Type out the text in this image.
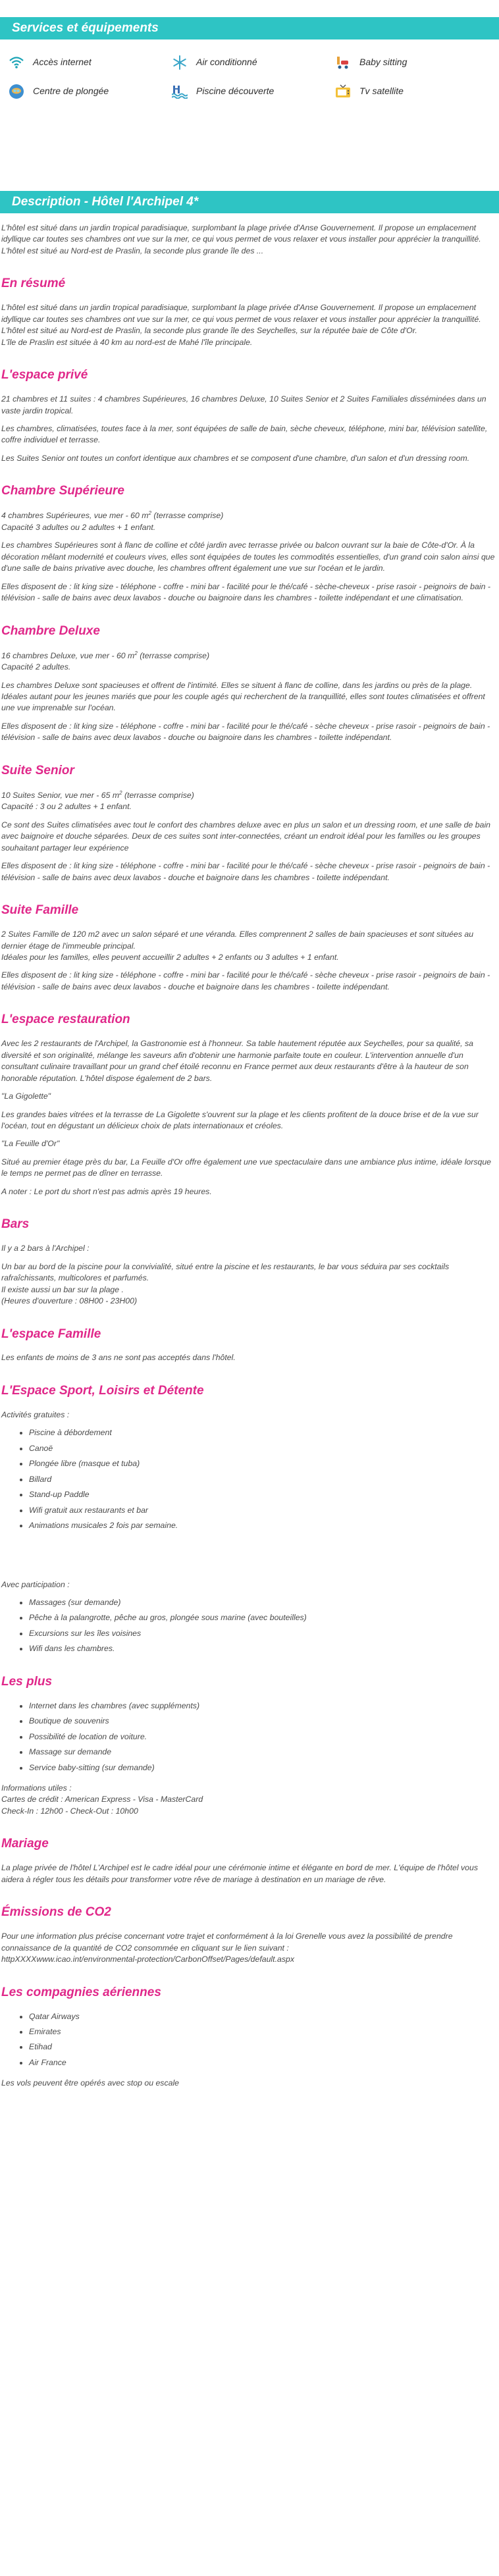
Services et équipements
Accès internet	Air conditionné	Baby sitting
Centre de plongée	Piscine découverte	Tv satellite
Description - Hôtel l'Archipel 4*

L'hôtel est situé dans un jardin tropical paradisiaque, surplombant la plage privée d'Anse Gouvernement. Il propose un emplacement idyllique car toutes ses chambres ont vue sur la mer, ce qui vous permet de vous relaxer et vous installer pour apprécier la tranquillité.
L'hôtel est situé au Nord-est de Praslin, la seconde plus grande île des ...

En résumé

L'hôtel est situé dans un jardin tropical paradisiaque, surplombant la plage privée d'Anse Gouvernement. Il propose un emplacement idyllique car toutes ses chambres ont vue sur la mer, ce qui vous permet de vous relaxer et vous installer pour apprécier la tranquillité.
L'hôtel est situé au Nord-est de Praslin, la seconde plus grande île des Seychelles, sur la réputée baie de Côte d'Or.
L'île de Praslin est située à 40 km au nord-est de Mahé l'île principale.

L'espace privé

21 chambres et 11 suites : 4 chambres Supérieures, 16 chambres Deluxe, 10 Suites Senior et 2 Suites Familiales disséminées dans un vaste jardin tropical.

Les chambres, climatisées, toutes face à la mer, sont équipées de salle de bain, sèche cheveux, téléphone, mini bar, télévision satellite, coffre individuel et terrasse.

Les Suites Senior ont toutes un confort identique aux chambres et se composent d'une chambre, d'un salon et d'un dressing room.

Chambre Supérieure

4 chambres Supérieures, vue mer - 60 $m^2$ (terrasse comprise)
Capacité 3 adultes ou 2 adultes + 1 enfant.

Les chambres Supérieures sont à flanc de colline et côté jardin avec terrasse privée ou balcon ouvrant sur la baie de Côte-d'Or. À la décoration mêlant modernité et couleurs vives, elles sont équipées de toutes les commodités essentielles, d'un grand coin salon ainsi que d'une salle de bains privative avec douche, les chambres offrent également une vue sur l'océan et le jardin.

Elles disposent de : lit king size - téléphone - coffre - mini bar - facilité pour le thé/café - sèche-cheveux - prise rasoir - peignoirs de bain - télévision - salle de bains avec deux lavabos - douche ou baignoire dans les chambres - toilette indépendant et une climatisation.

Chambre Deluxe

16 chambres Deluxe, vue mer - 60 $m^2$ (terrasse comprise)
Capacité 2 adultes.

Les chambres Deluxe sont spacieuses et offrent de l'intimité. Elles se situent à flanc de colline, dans les jardins ou près de la plage. Idéales autant pour les jeunes mariés que pour les couple agés qui recherchent de la tranquillité, elles sont toutes climatisées et offrent une vue imprenable sur l'océan.

Elles disposent de : lit king size - téléphone - coffre - mini bar - facilité pour le thé/café - sèche cheveux - prise rasoir - peignoirs de bain - télévision - salle de bains avec deux lavabos - douche ou baignoire dans les chambres - toilette indépendant.

Suite Senior

10 Suites Senior, vue mer - 65 $m^2$ (terrasse comprise)
Capacité : 3 ou 2 adultes + 1 enfant.

Ce sont des Suites climatisées avec tout le confort des chambres deluxe avec en plus un salon et un dressing room, et une salle de bain avec baignoire et douche séparées. Deux de ces suites sont inter-connectées, créant un endroit idéal pour les familles ou les groupes souhaitant partager leur expérience

Elles disposent de : lit king size - téléphone - coffre - mini bar - facilité pour le thé/café - sèche cheveux - prise rasoir - peignoirs de bain - télévision - salle de bains avec deux lavabos - douche et baignoire dans les chambres - toilette indépendant.

Suite Famille

2 Suites Famille de 120 m2 avec un salon séparé et une véranda. Elles comprennent 2 salles de bain spacieuses et sont situées au dernier étage de l'immeuble principal.
Idéales pour les familles, elles peuvent accueillir 2 adultes + 2 enfants ou 3 adultes + 1 enfant.

Elles disposent de : lit king size - téléphone - coffre - mini bar - facilité pour le thé/café - sèche cheveux - prise rasoir - peignoirs de bain - télévision - salle de bains avec deux lavabos - douche et baignoire dans les chambres - toilette indépendant.

L'espace restauration

Avec les 2 restaurants de l'Archipel, la Gastronomie est à l'honneur. Sa table hautement réputée aux Seychelles, pour sa qualité, sa diversité et son originalité, mélange les saveurs afin d'obtenir une harmonie parfaite toute en couleur. L'intervention annuelle d'un consultant culinaire travaillant pour un grand chef étoilé reconnu en France permet aux deux restaurants d'être à la hauteur de son honorable réputation. L'hôtel dispose également de 2 bars.

"La Gigolette"

Les grandes baies vitrées et la terrasse de La Gigolette s'ouvrent sur la plage et les clients profitent de la douce brise et de la vue sur l'océan, tout en dégustant un délicieux choix de plats internationaux et créoles.

"La Feuille d'Or"

Situé au premier étage près du bar, La Feuille d'Or offre également une vue spectaculaire dans une ambiance plus intime, idéale lorsque le temps ne permet pas de dîner en terrasse.

A noter : Le port du short n'est pas admis après 19 heures.

Bars

Il y a 2 bars à l'Archipel :

Un bar au bord de la piscine pour la convivialité, situé entre la piscine et les restaurants, le bar vous séduira par ses cocktails rafraîchissants, multicolores et parfumés.
Il existe aussi un bar sur la plage .
(Heures d'ouverture : 08H00 - 23H00)

L'espace Famille

Les enfants de moins de 3 ans ne sont pas acceptés dans l'hôtel.

L'Espace Sport, Loisirs et Détente

Activités gratuites :

• Piscine à débordement
• Canoë
• Plongée libre (masque et tuba)
• Billard
• Stand-up Paddle
• Wifi gratuit aux restaurants et bar
• Animations musicales 2 fois par semaine.

Avec participation :

• Massages (sur demande)
• Pêche à la palangrotte, pêche au gros, plongée sous marine (avec bouteilles)
• Excursions sur les îles voisines
• Wifi dans les chambres.
Les plus
• Internet dans les chambres (avec suppléments)
• Boutique de souvenirs
• Possibilité de location de voiture.
• Massage sur demande
• Service baby-sitting (sur demande)

Informations utiles :
Cartes de crédit : American Express - Visa - MasterCard
Check-In : 12h00 - Check-Out : 10h00

Mariage

La plage privée de l'hôtel L'Archipel est le cadre idéal pour une cérémonie intime et élégante en bord de mer. L'équipe de l'hôtel vous aidera à régler tous les détails pour transformer votre rêve de mariage à destination en un mariage de rêve.

Émissions de CO2

Pour une information plus précise concernant votre trajet et conformément à la loi Grenelle vous avez la possibilité de prendre connaissance de la quantité de CO2 consommée en cliquant sur le lien suivant :
httpXXXXwww.icao.int/environmental-protection/CarbonOffset/Pages/default.aspx

Les compagnies aériennes
• Qatar Airways
• Emirates
• Etihad
• Air France

Les vols peuvent être opérés avec stop ou escale
